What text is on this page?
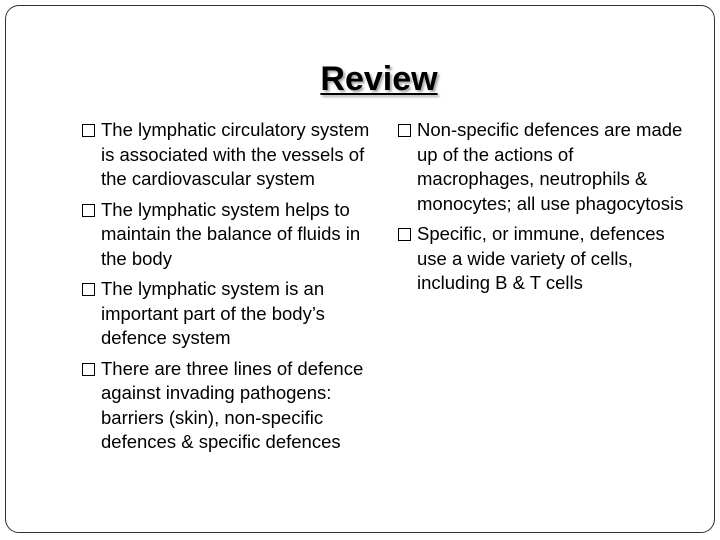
Review
The lymphatic circulatory system is associated with the vessels of the cardiovascular system
The lymphatic system helps to maintain the balance of fluids in the body
The lymphatic system is an important part of the body’s defence system
There are three lines of defence against invading pathogens: barriers (skin), non-specific defences & specific defences
Non-specific defences are made up of the actions of macrophages, neutrophils & monocytes; all use phagocytosis
Specific, or immune, defences use a wide variety of cells, including B & T cells
